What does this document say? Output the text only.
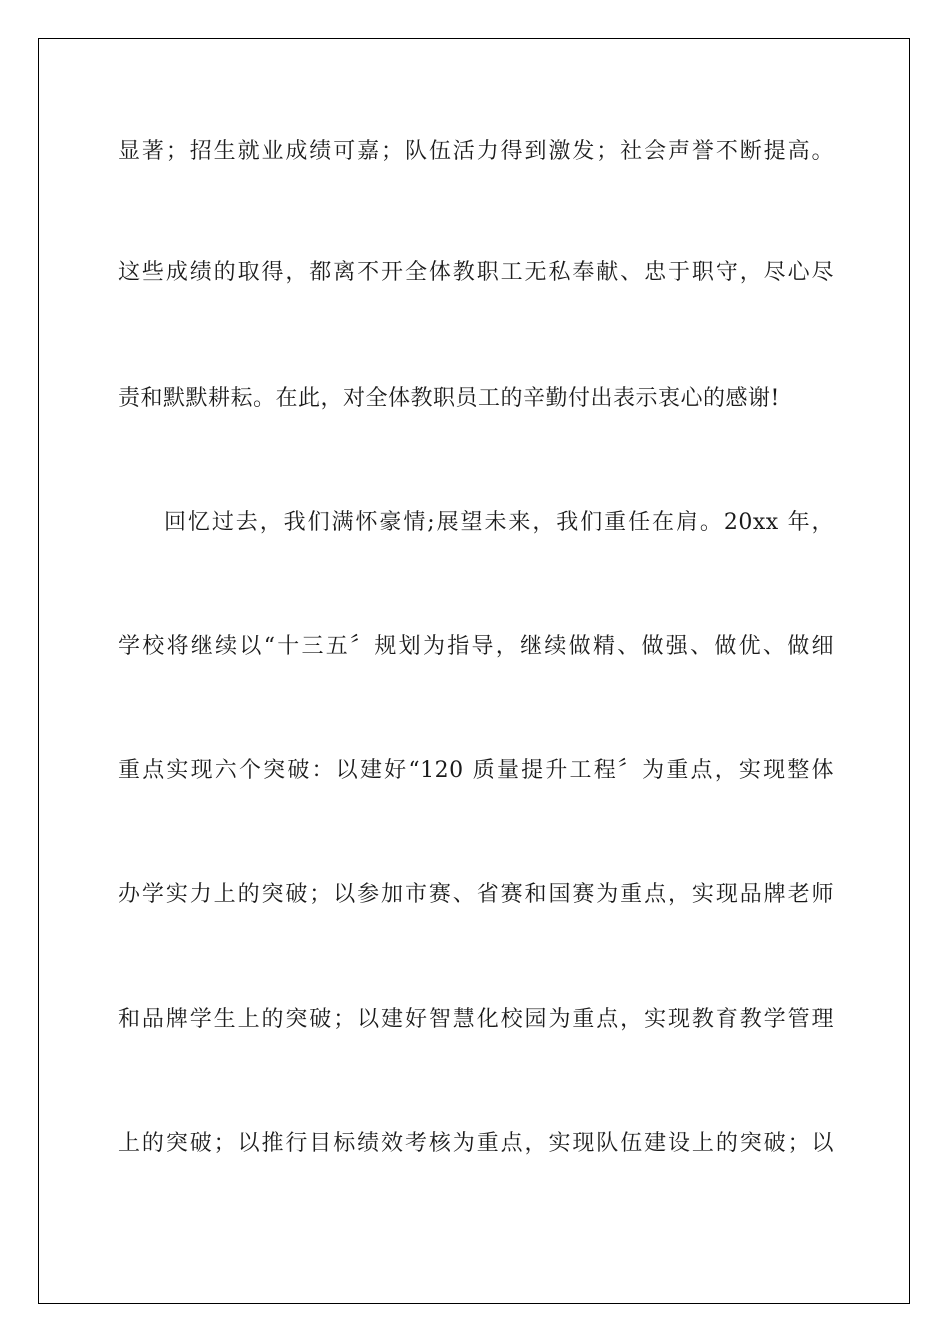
显著；招生就业成绩可嘉；队伍活力得到激发；社会声誉不断提高。
这些成绩的取得，都离不开全体教职工无私奉献、忠于职守，尽心尽
责和默默耕耘。在此，对全体教职员工的辛勤付出表示衷心的感谢!
回忆过去，我们满怀豪情;展望未来，我们重任在肩。20xx 年，
学校将继续以“十三五〞规划为指导，继续做精、做强、做优、做细
重点实现六个突破：以建好“120 质量提升工程〞为重点，实现整体
办学实力上的突破；以参加市赛、省赛和国赛为重点，实现品牌老师
和品牌学生上的突破；以建好智慧化校园为重点，实现教育教学管理
上的突破；以推行目标绩效考核为重点，实现队伍建设上的突破；以
